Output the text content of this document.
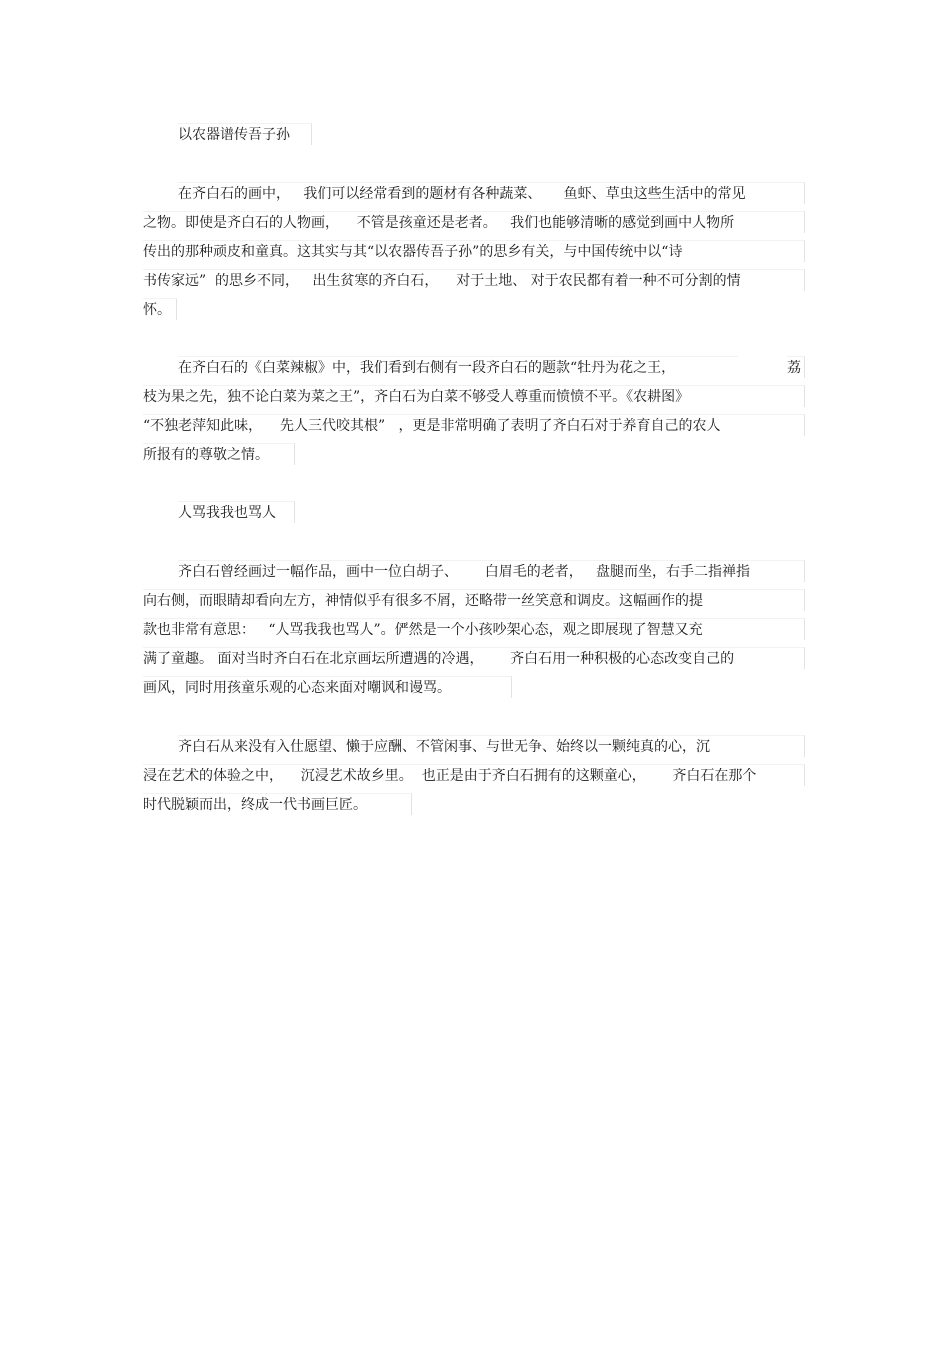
以农器谱传吾子孙
在齐白石的画中，   我们可以经常看到的题材有各种蔬菜、     鱼虾、草虫这些生活中的常见
之物。即使是齐白石的人物画，    不管是孩童还是老者。   我们也能够清晰的感觉到画中人物所
传出的那种顽皮和童真。这其实与其“以农器传吾子孙”的思乡有关，与中国传统中以“诗
书传家远”  的思乡不同，   出生贫寒的齐白石，    对于土地、 对于农民都有着一种不可分割的情
怀。
在齐白石的《白菜辣椒》中，我们看到右侧有一段齐白石的题款“牡丹为花之王，	荔
枝为果之先，独不论白菜为菜之王”，齐白石为白菜不够受人尊重而愤愤不平。《农耕图》
“不独老萍知此味，    先人三代咬其根”   ，更是非常明确了表明了齐白石对于养育自己的农人
所报有的尊敬之情。
人骂我我也骂人
齐白石曾经画过一幅作品，画中一位白胡子、      白眉毛的老者，   盘腿而坐，右手二指禅指
向右侧，而眼睛却看向左方，神情似乎有很多不屑，还略带一丝笑意和调皮。这幅画作的提
款也非常有意思：   “人骂我我也骂人”。俨然是一个小孩吵架心态，观之即展现了智慧又充
满了童趣。 面对当时齐白石在北京画坛所遭遇的冷遇，      齐白石用一种积极的心态改变自己的
画风，同时用孩童乐观的心态来面对嘲讽和谩骂。
齐白石从来没有入仕愿望、懒于应酬、不管闲事、与世无争、始终以一颗纯真的心，沉
浸在艺术的体验之中，    沉浸艺术故乡里。  也正是由于齐白石拥有的这颗童心，      齐白石在那个
时代脱颖而出，终成一代书画巨匠。
